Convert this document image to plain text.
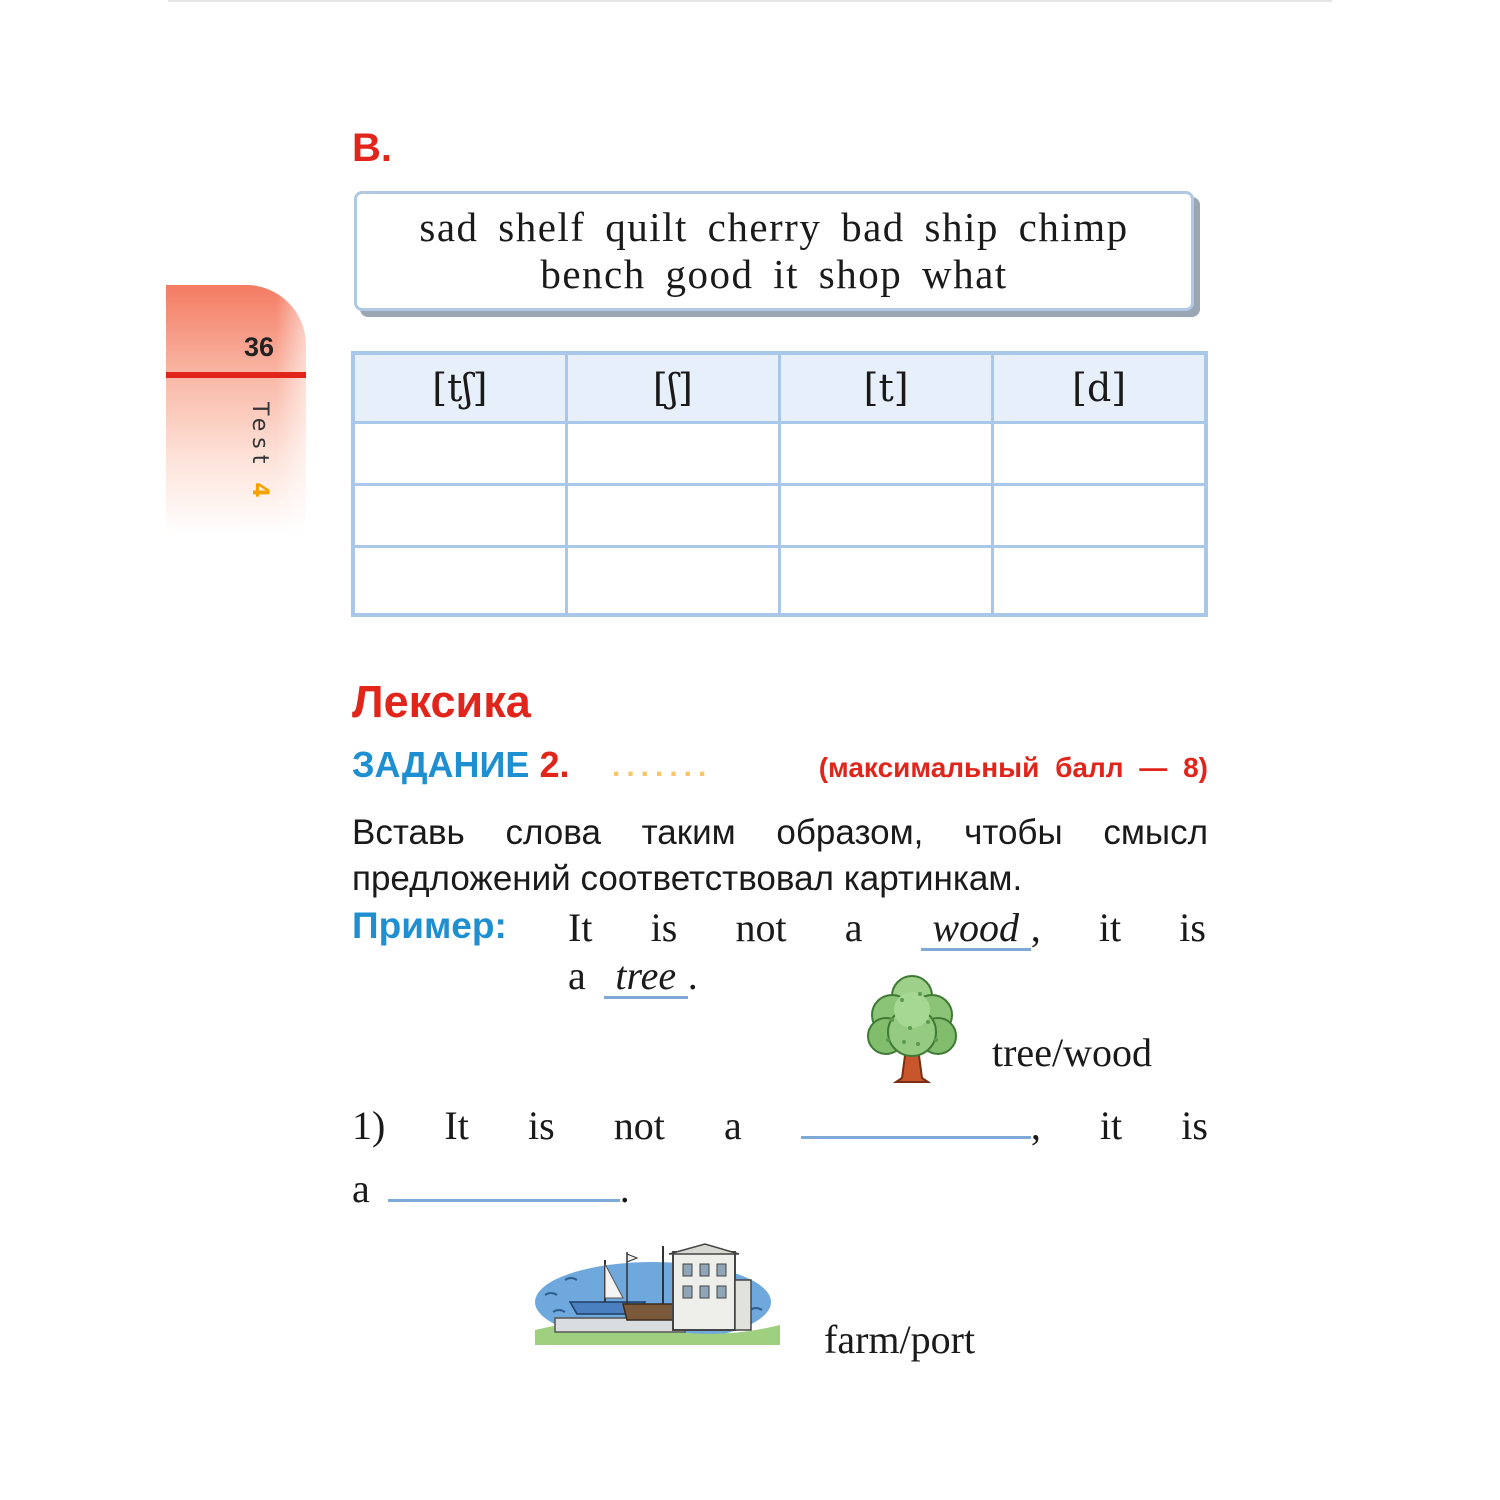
36
Test 4
В.

sad shelf quilt cherry bad ship chimp

bench good it shop what

[tʃ]	[ʃ]	[t]	[d]

Лексика
ЗАДАНИЕ 2. .......	(максимальный балл — 8)

Вставь слова таким образом, чтобы смысл
предложений соответствовал картинкам.

Пример: It is not a wood , it is
a tree .
tree/wood
1) It is not a	, it is
a	.
farm/port
